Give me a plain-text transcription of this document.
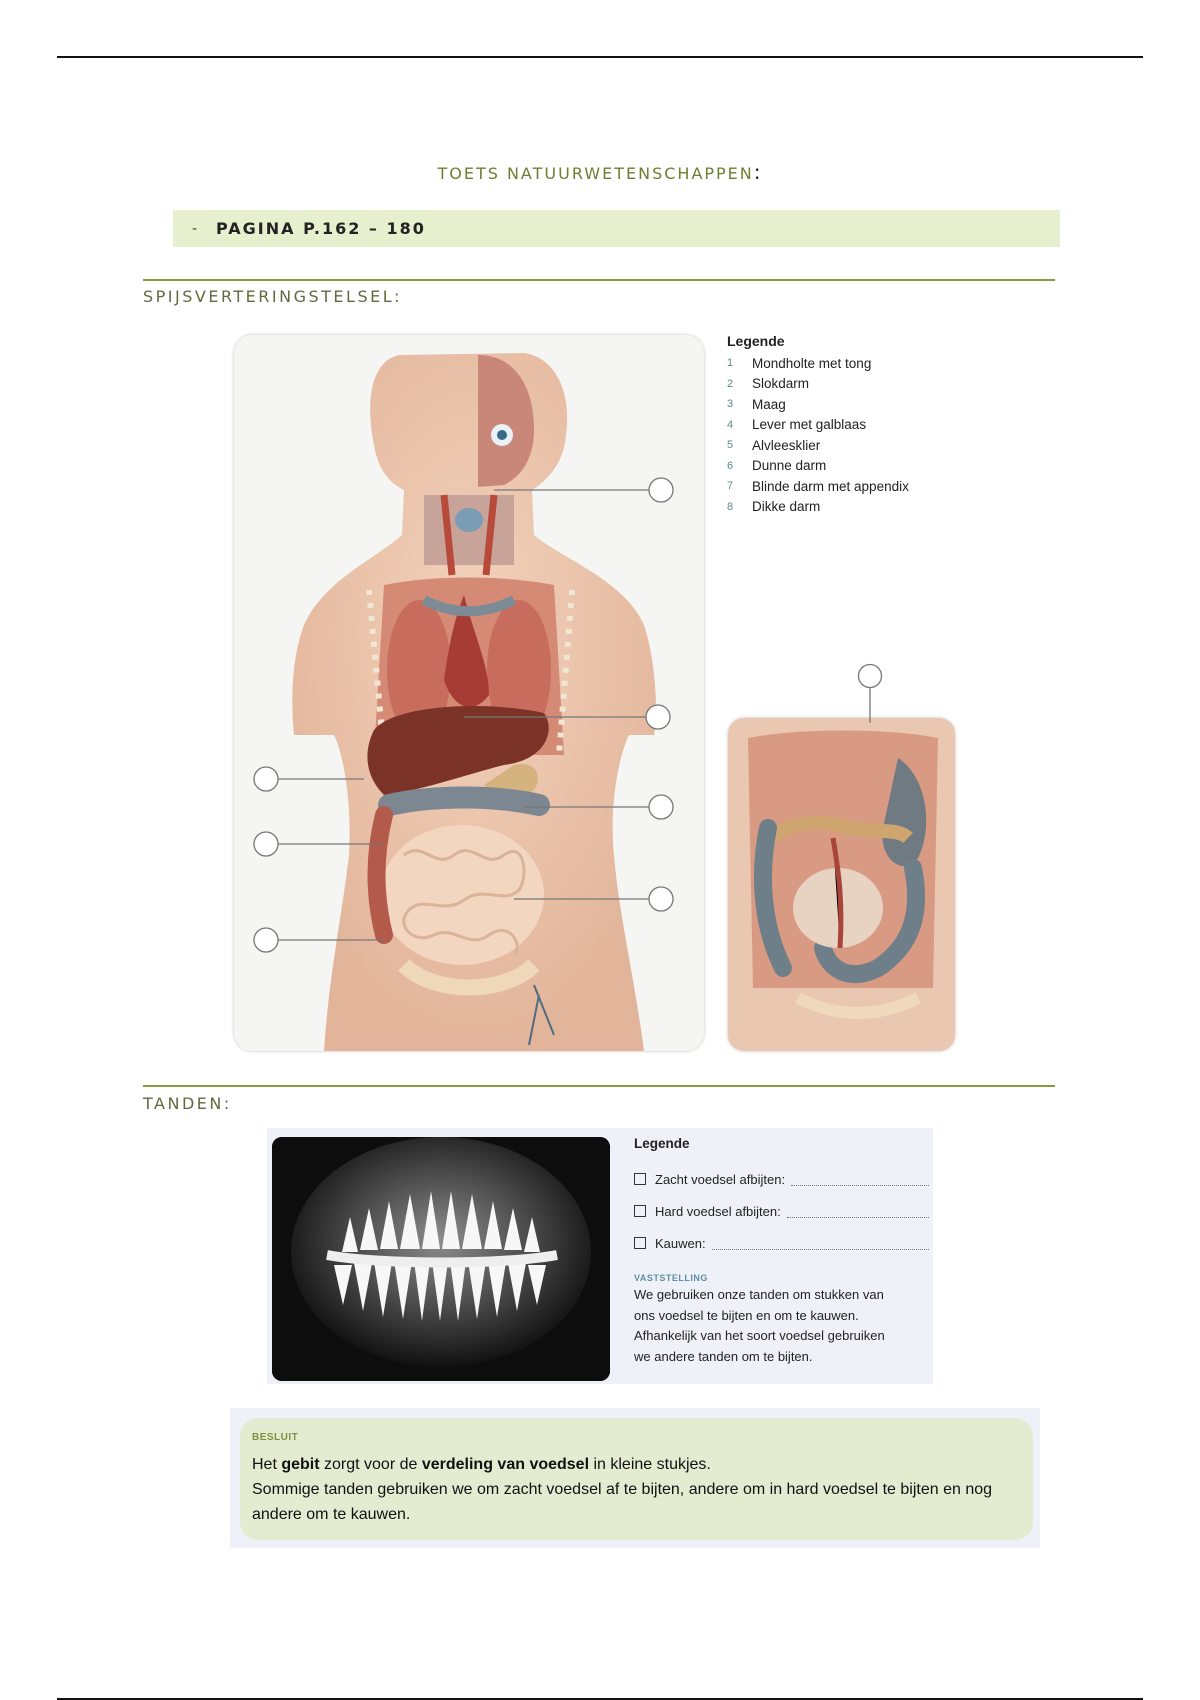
TOETS NATUURWETENSCHAPPEN:
-	PAGINA P.162 – 180
SPIJSVERTERINGSTELSEL:
Legende
1	Mondholte met tong
2	Slokdarm
3	Maag
4	Lever met galblaas
5	Alvleesklier
6	Dunne darm
7	Blinde darm met appendix
8	Dikke darm
TANDEN:
Legende
Zacht voedsel afbijten:
Hard voedsel afbijten:
Kauwen:
VASTSTELLING
We gebruiken onze tanden om stukken van
ons voedsel te bijten en om te kauwen.
Afhankelijk van het soort voedsel gebruiken
we andere tanden om te bijten.
BESLUIT
Het gebit zorgt voor de verdeling van voedsel in kleine stukjes.
Sommige tanden gebruiken we om zacht voedsel af te bijten, andere om in hard voedsel te bijten en nog andere om te kauwen.
